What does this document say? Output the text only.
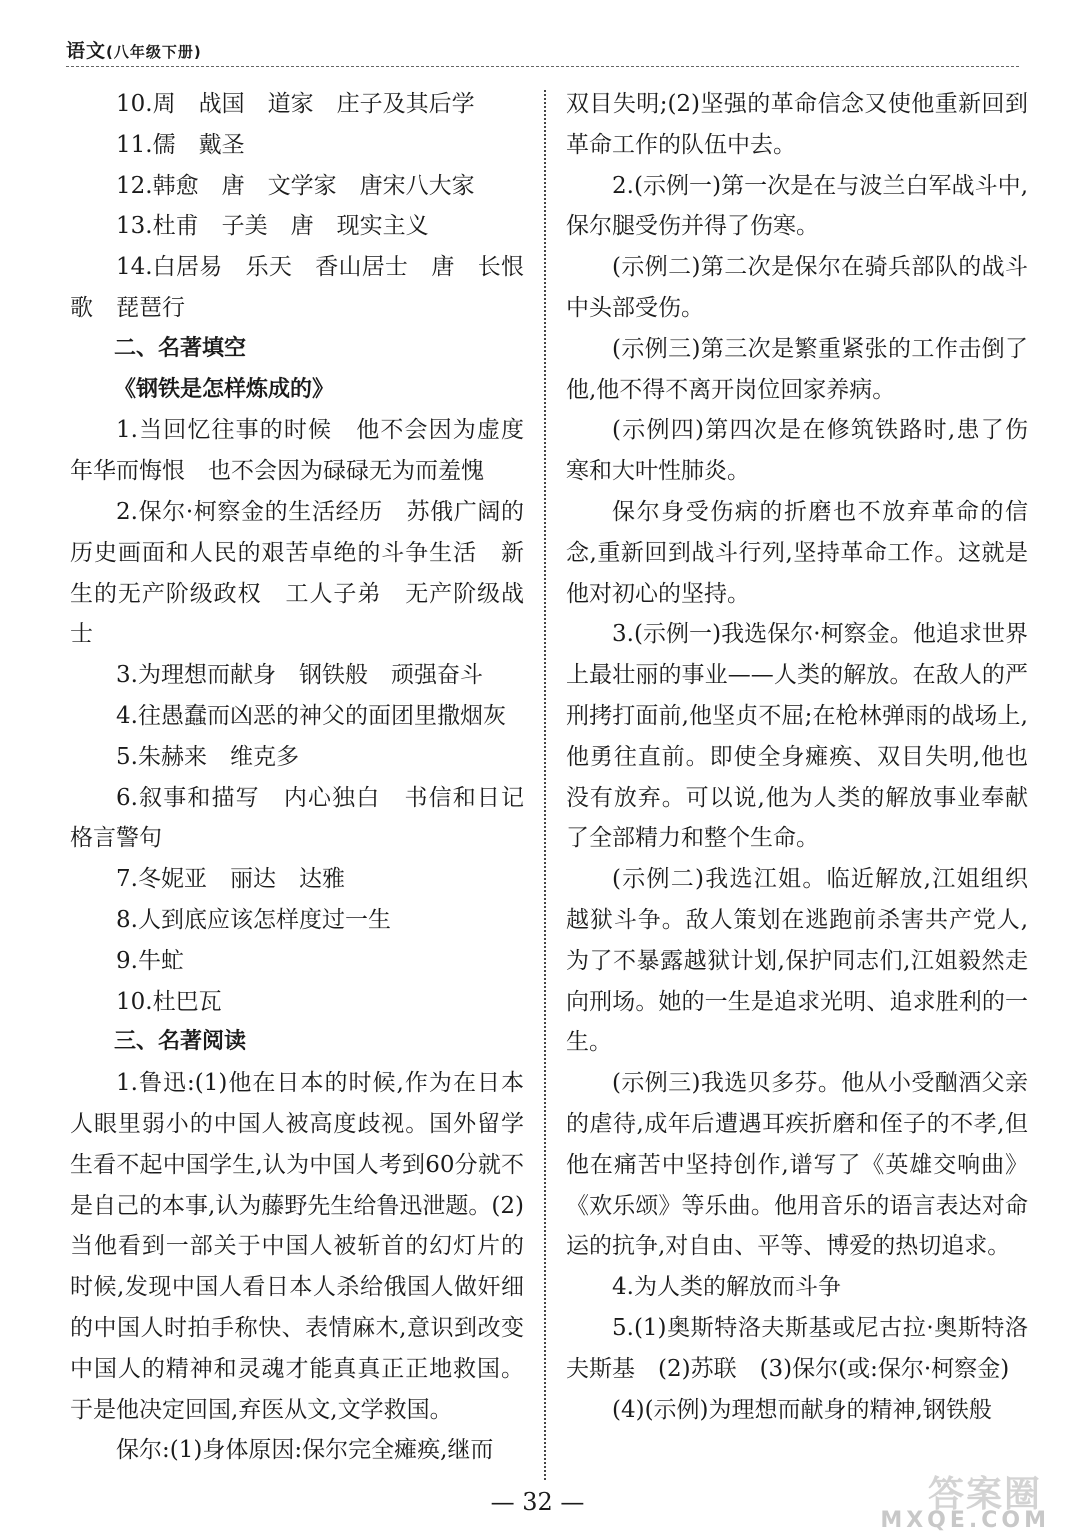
语文(八年级下册)

10.周　战国　道家　庄子及其后学

11.儒　戴圣

12.韩愈　唐　文学家　唐宋八大家

13.杜甫　子美　唐　现实主义

14.白居易　乐天　香山居士　唐　长恨歌　琵琶行

二、名著填空

《钢铁是怎样炼成的》

1.当回忆往事的时候　他不会因为虚度年华而悔恨　也不会因为碌碌无为而羞愧

2.保尔·柯察金的生活经历　苏俄广阔的历史画面和人民的艰苦卓绝的斗争生活　新生的无产阶级政权　工人子弟　无产阶级战士

3.为理想而献身　钢铁般　顽强奋斗

4.往愚蠢而凶恶的神父的面团里撒烟灰

5.朱赫来　维克多

6.叙事和描写　内心独白　书信和日记　格言警句

7.冬妮亚　丽达　达雅

8.人到底应该怎样度过一生

9.牛虻

10.杜巴瓦

三、名著阅读

1.鲁迅:(1)他在日本的时候,作为在日本人眼里弱小的中国人被高度歧视。国外留学生看不起中国学生,认为中国人考到60分就不是自己的本事,认为藤野先生给鲁迅泄题。(2)当他看到一部关于中国人被斩首的幻灯片的时候,发现中国人看日本人杀给俄国人做奸细的中国人时拍手称快、表情麻木,意识到改变中国人的精神和灵魂才能真真正正地救国。于是他决定回国,弃医从文,文学救国。

保尔:(1)身体原因:保尔完全瘫痪,继而

双目失明;(2)坚强的革命信念又使他重新回到革命工作的队伍中去。

2.(示例一)第一次是在与波兰白军战斗中,保尔腿受伤并得了伤寒。

(示例二)第二次是保尔在骑兵部队的战斗中头部受伤。

(示例三)第三次是繁重紧张的工作击倒了他,他不得不离开岗位回家养病。

(示例四)第四次是在修筑铁路时,患了伤寒和大叶性肺炎。

保尔身受伤病的折磨也不放弃革命的信念,重新回到战斗行列,坚持革命工作。这就是他对初心的坚持。

3.(示例一)我选保尔·柯察金。他追求世界上最壮丽的事业——人类的解放。在敌人的严刑拷打面前,他坚贞不屈;在枪林弹雨的战场上,他勇往直前。即使全身瘫痪、双目失明,他也没有放弃。可以说,他为人类的解放事业奉献了全部精力和整个生命。

(示例二)我选江姐。临近解放,江姐组织越狱斗争。敌人策划在逃跑前杀害共产党人,为了不暴露越狱计划,保护同志们,江姐毅然走向刑场。她的一生是追求光明、追求胜利的一生。

(示例三)我选贝多芬。他从小受酗酒父亲的虐待,成年后遭遇耳疾折磨和侄子的不孝,但他在痛苦中坚持创作,谱写了《英雄交响曲》《欢乐颂》等乐曲。他用音乐的语言表达对命运的抗争,对自由、平等、博爱的热切追求。

4.为人类的解放而斗争

5.(1)奥斯特洛夫斯基或尼古拉·奥斯特洛夫斯基　(2)苏联　(3)保尔(或:保尔·柯察金)

(4)(示例)为理想而献身的精神,钢铁般

— 32 —	答案圈
MXQE.COM
